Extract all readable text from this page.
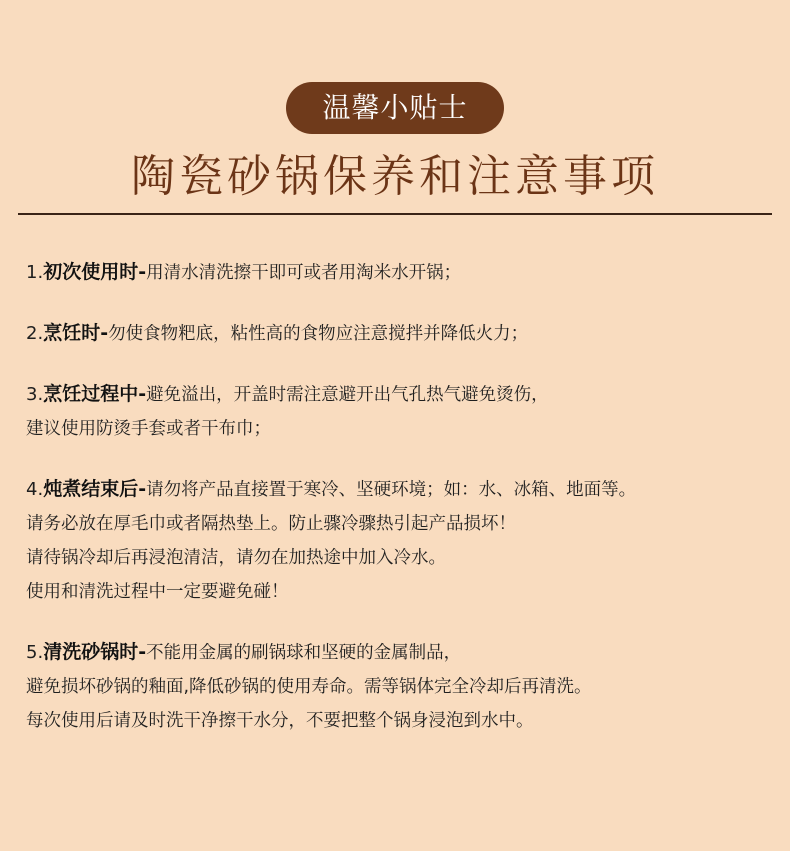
温馨小贴士
陶瓷砂锅保养和注意事项
1.初次使用时-用清水清洗擦干即可或者用淘米水开锅；
2.烹饪时-勿使食物粑底，粘性高的食物应注意搅拌并降低火力；
3.烹饪过程中-避免溢出，开盖时需注意避开出气孔热气避免烫伤，
建议使用防烫手套或者干布巾；
4.炖煮结束后-请勿将产品直接置于寒冷、坚硬环境；如：水、冰箱、地面等。
请务必放在厚毛巾或者隔热垫上。防止骤冷骤热引起产品损坏！
请待锅冷却后再浸泡清洁，请勿在加热途中加入冷水。
使用和清洗过程中一定要避免碰！
5.清洗砂锅时-不能用金属的刷锅球和坚硬的金属制品，
避免损坏砂锅的釉面,降低砂锅的使用寿命。需等锅体完全冷却后再清洗。
每次使用后请及时洗干净擦干水分，不要把整个锅身浸泡到水中。
